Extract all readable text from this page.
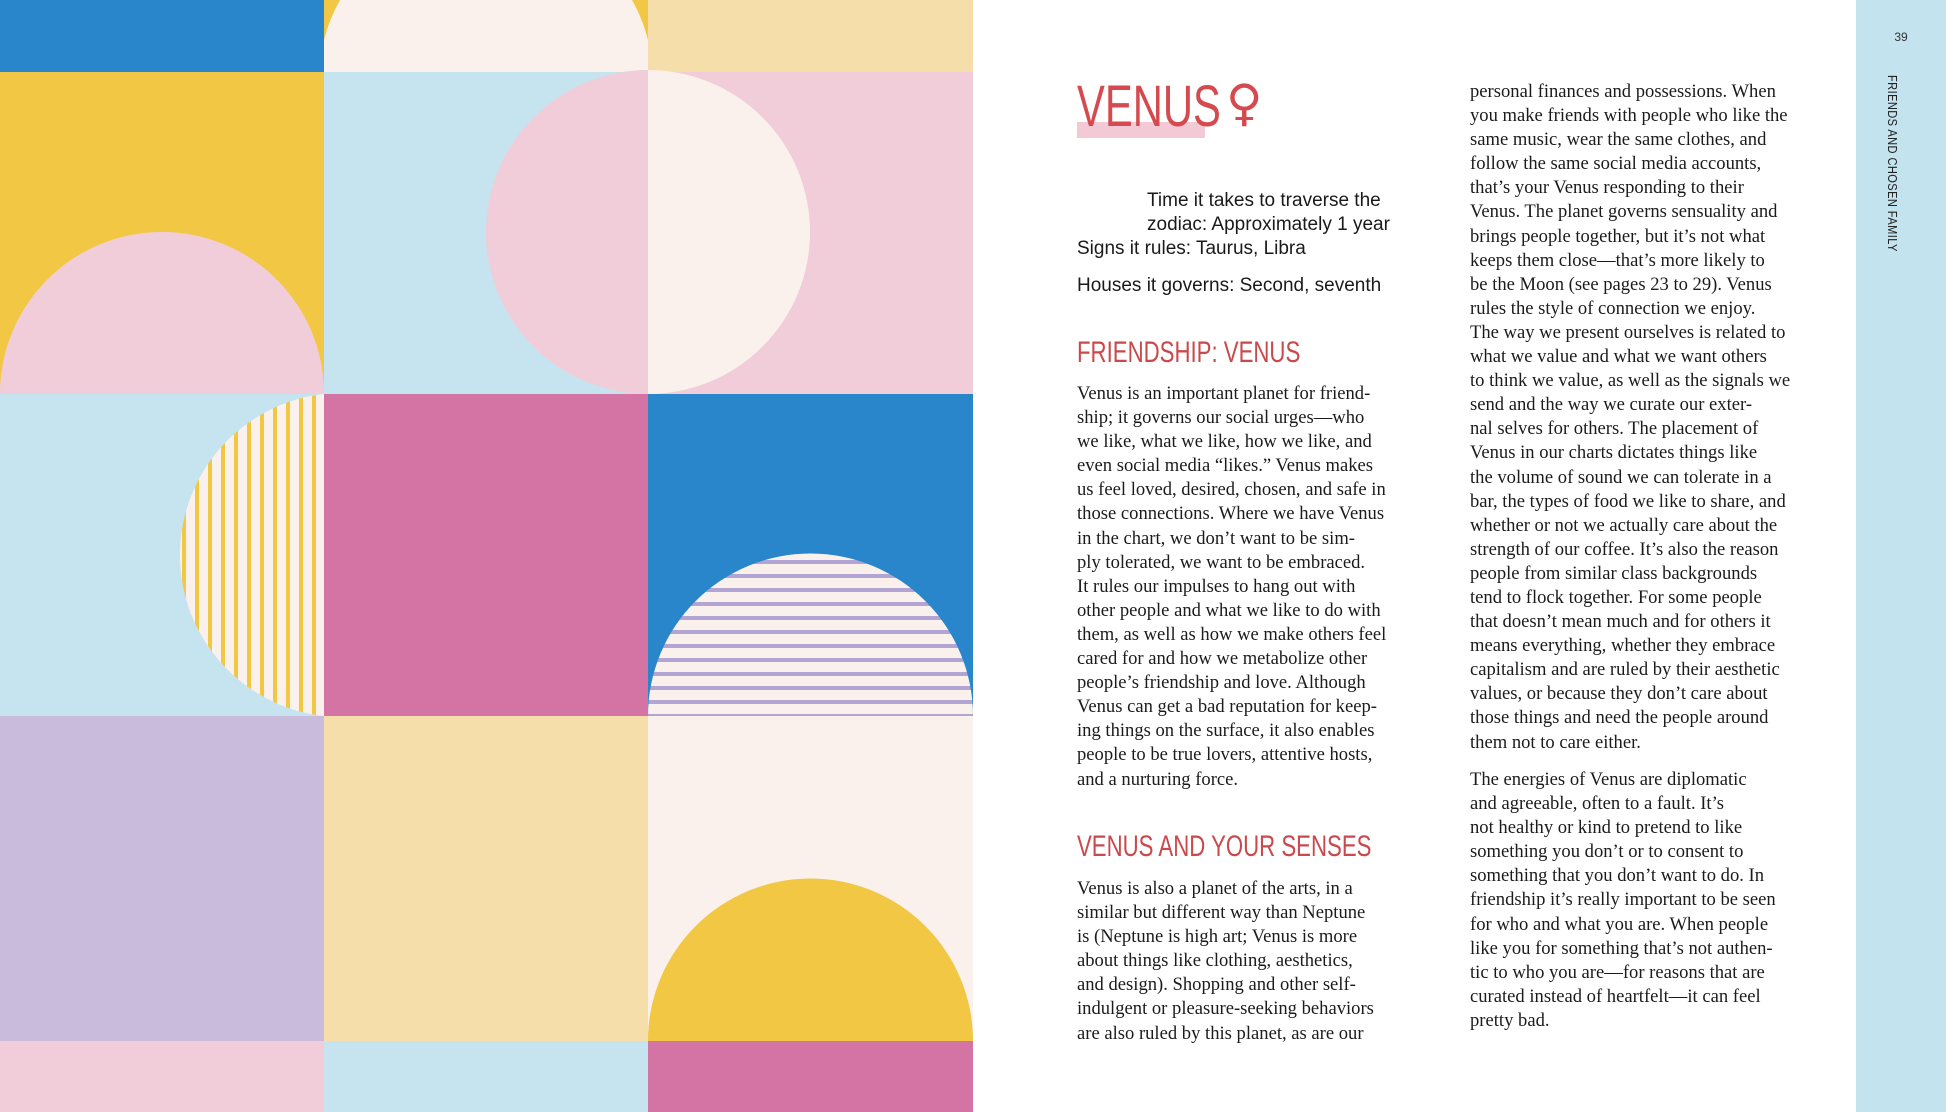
39
FRIENDS AND CHOSEN FAMILY
VENUS ♀
Time it takes to traverse the
zodiac: Approximately 1 year
Signs it rules: Taurus, Libra
Houses it governs: Second, seventh
FRIENDSHIP: VENUS
Venus is an important planet for friend-
ship; it governs our social urges—who
we like, what we like, how we like, and
even social media “likes.” Venus makes
us feel loved, desired, chosen, and safe in
those connections. Where we have Venus
in the chart, we don’t want to be sim-
ply tolerated, we want to be embraced.
It rules our impulses to hang out with
other people and what we like to do with
them, as well as how we make others feel
cared for and how we metabolize other
people’s friendship and love. Although
Venus can get a bad reputation for keep-
ing things on the surface, it also enables
people to be true lovers, attentive hosts,
and a nurturing force.
VENUS AND YOUR SENSES
Venus is also a planet of the arts, in a
similar but different way than Neptune
is (Neptune is high art; Venus is more
about things like clothing, aesthetics,
and design). Shopping and other self-
indulgent or pleasure-seeking behaviors
are also ruled by this planet, as are our
personal finances and possessions. When
you make friends with people who like the
same music, wear the same clothes, and
follow the same social media accounts,
that’s your Venus responding to their
Venus. The planet governs sensuality and
brings people together, but it’s not what
keeps them close—that’s more likely to
be the Moon (see pages 23 to 29). Venus
rules the style of connection we enjoy.
The way we present ourselves is related to
what we value and what we want others
to think we value, as well as the signals we
send and the way we curate our exter-
nal selves for others. The placement of
Venus in our charts dictates things like
the volume of sound we can tolerate in a
bar, the types of food we like to share, and
whether or not we actually care about the
strength of our coffee. It’s also the reason
people from similar class backgrounds
tend to flock together. For some people
that doesn’t mean much and for others it
means everything, whether they embrace
capitalism and are ruled by their aesthetic
values, or because they don’t care about
those things and need the people around
them not to care either.
The energies of Venus are diplomatic
and agreeable, often to a fault. It’s
not healthy or kind to pretend to like
something you don’t or to consent to
something that you don’t want to do. In
friendship it’s really important to be seen
for who and what you are. When people
like you for something that’s not authen-
tic to who you are—for reasons that are
curated instead of heartfelt—it can feel
pretty bad.
